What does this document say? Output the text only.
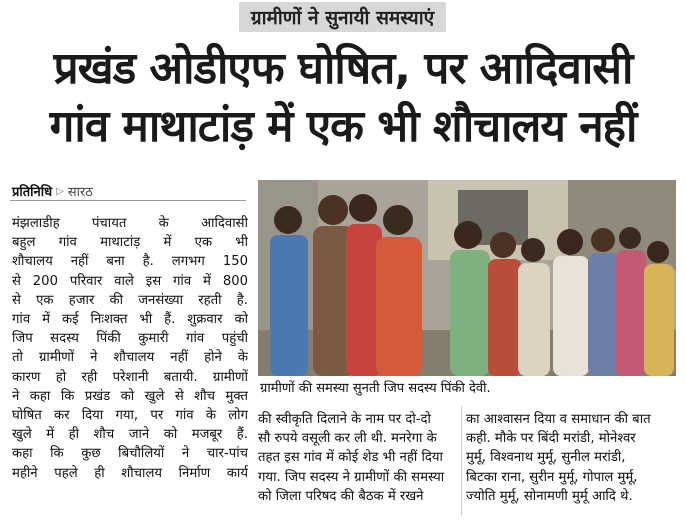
ग्रामीणों ने सुनायी समस्याएं
प्रखंड ओडीएफ घोषित, पर आदिवासी
गांव माथाटांड़ में एक भी शौचालय नहीं
प्रतिनिधि ▷ सारठ
मंझलाडीह पंचायत के आदिवासी
बहुल गांव माथाटांड़ में एक भी
शौचालय नहीं बना है. लगभग 150
से 200 परिवार वाले इस गांव में 800
से एक हजार की जनसंख्या रहती है.
गांव में कई निःशक्त भी हैं. शुक्रवार को
जिप सदस्य पिंकी कुमारी गांव पहुंची
तो ग्रामीणों ने शौचालय नहीं होने के
कारण हो रही परेशानी बतायी. ग्रामीणों
ने कहा कि प्रखंड को खुले से शौच मुक्त
घोषित कर दिया गया, पर गांव के लोग
खुले में ही शौच जाने को मजबूर हैं.
कहा कि कुछ बिचौलियों ने चार-पांच
महीने पहले ही शौचालय निर्माण कार्य
ग्रामीणों की समस्या सुनती जिप सदस्य पिंकी देवी.
की स्वीकृति दिलाने के नाम पर दो-दो
सौ रुपये वसूली कर ली थी. मनरेगा के
तहत इस गांव में कोई शेड भी नहीं दिया
गया. जिप सदस्य ने ग्रामीणों की समस्या
को जिला परिषद की बैठक में रखने
का आश्वासन दिया व समाधान की बात
कही. मौके पर बिंदी मरांडी, मोनेश्वर
मुर्मू, विश्वनाथ मुर्मू, सुनील मरांडी,
बिटका राना, सुरीन मुर्मू, गोपाल मुर्मू,
ज्योति मुर्मू, सोनामणी मुर्मू आदि थे.
